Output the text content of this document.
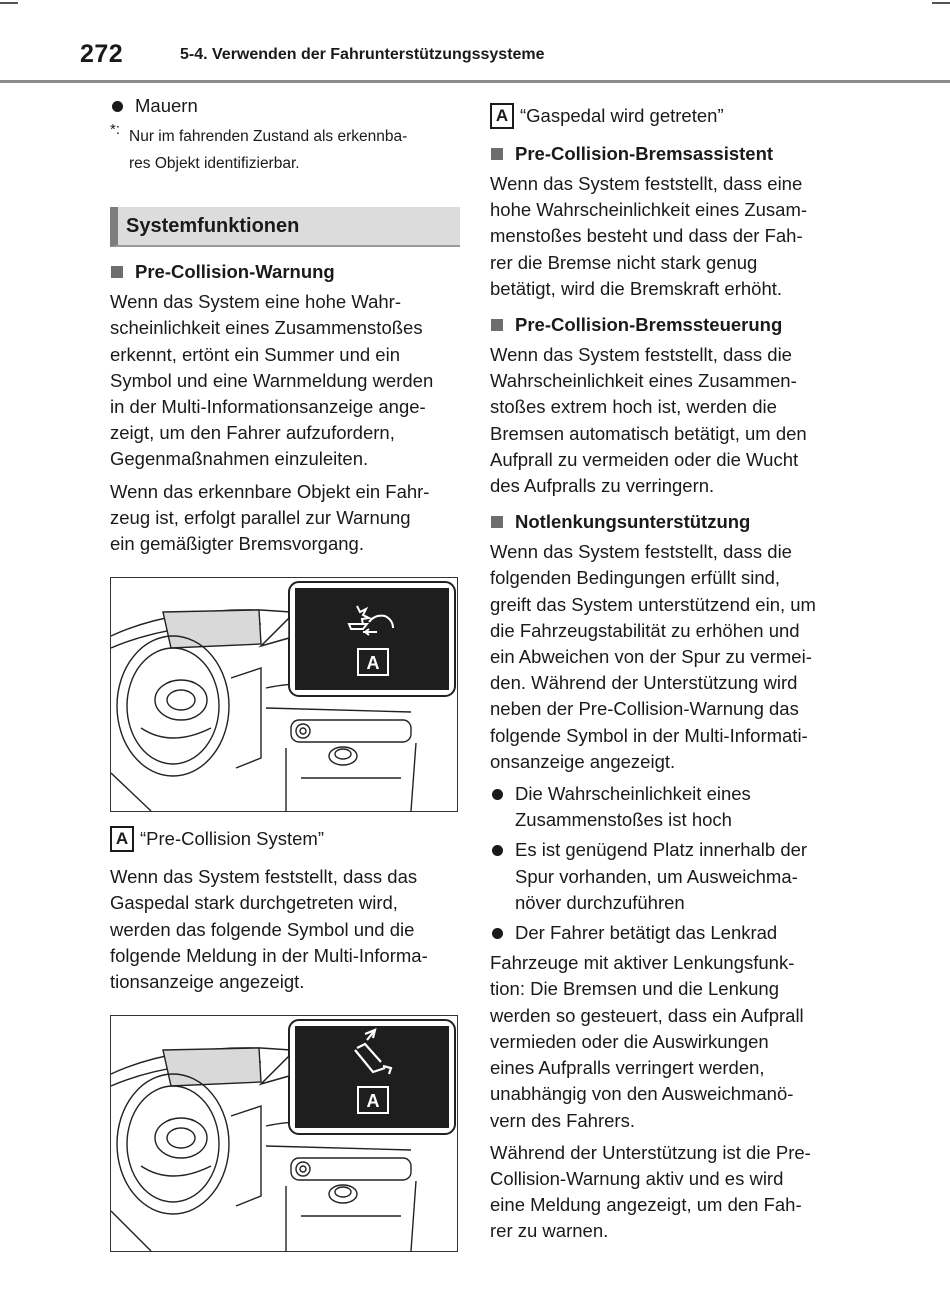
272	5-4. Verwenden der Fahrunterstützungssysteme
Mauern
*: Nur im fahrenden Zustand als erkennba-
res Objekt identifizierbar.
Systemfunktionen
Pre-Collision-Warnung

Wenn das System eine hohe Wahr-

scheinlichkeit eines Zusammenstoßes

erkennt, ertönt ein Summer und ein

Symbol und eine Warnmeldung werden

in der Multi-Informationsanzeige ange-

zeigt, um den Fahrer aufzufordern,

Gegenmaßnahmen einzuleiten.

Wenn das erkennbare Objekt ein Fahr-

zeug ist, erfolgt parallel zur Warnung

ein gemäßigter Bremsvorgang.

A
A “Pre-Collision System”

Wenn das System feststellt, dass das

Gaspedal stark durchgetreten wird,

werden das folgende Symbol und die

folgende Meldung in der Multi-Informa-

tionsanzeige angezeigt.

A
A “Gaspedal wird getreten”
Pre-Collision-Bremsassistent

Wenn das System feststellt, dass eine

hohe Wahrscheinlichkeit eines Zusam-

menstoßes besteht und dass der Fah-

rer die Bremse nicht stark genug

betätigt, wird die Bremskraft erhöht.

Pre-Collision-Bremssteuerung

Wenn das System feststellt, dass die

Wahrscheinlichkeit eines Zusammen-

stoßes extrem hoch ist, werden die

Bremsen automatisch betätigt, um den

Aufprall zu vermeiden oder die Wucht

des Aufpralls zu verringern.

Notlenkungsunterstützung

Wenn das System feststellt, dass die

folgenden Bedingungen erfüllt sind,

greift das System unterstützend ein, um

die Fahrzeugstabilität zu erhöhen und

ein Abweichen von der Spur zu vermei-

den. Während der Unterstützung wird

neben der Pre-Collision-Warnung das

folgende Symbol in der Multi-Informati-

onsanzeige angezeigt.

Die Wahrscheinlichkeit eines

Zusammenstoßes ist hoch

Es ist genügend Platz innerhalb der

Spur vorhanden, um Ausweichma-

növer durchzuführen

Der Fahrer betätigt das Lenkrad

Fahrzeuge mit aktiver Lenkungsfunk-

tion: Die Bremsen und die Lenkung

werden so gesteuert, dass ein Aufprall

vermieden oder die Auswirkungen

eines Aufpralls verringert werden,

unabhängig von den Ausweichmanö-

vern des Fahrers.

Während der Unterstützung ist die Pre-

Collision-Warnung aktiv und es wird

eine Meldung angezeigt, um den Fah-

rer zu warnen.
